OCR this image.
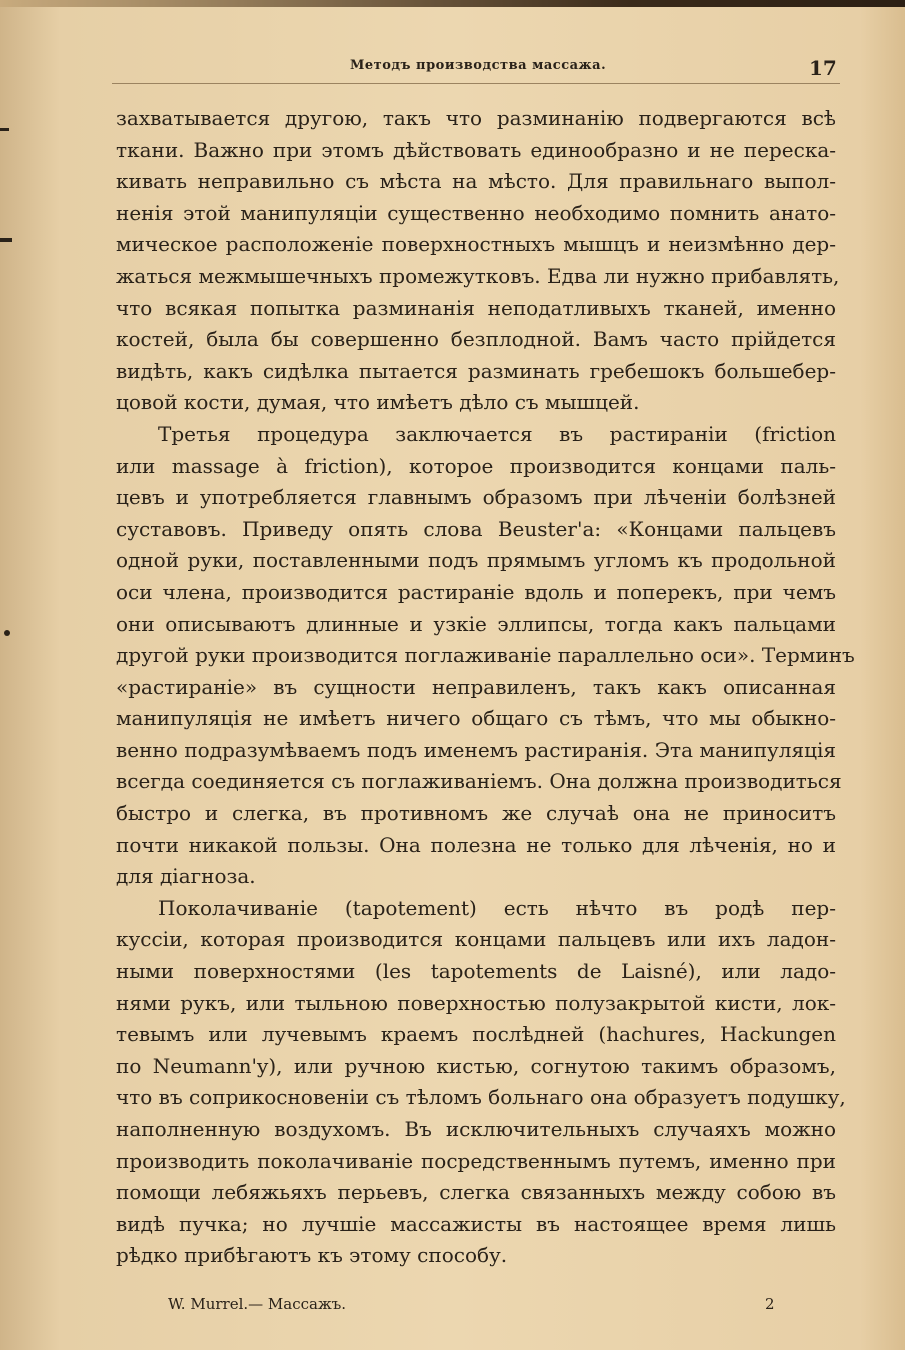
Методъ производства массажа.	17
захватывается другою, такъ что разминанію подвергаются всѣ
ткани. Важно при этомъ дѣйствовать единообразно и не переска-
кивать неправильно съ мѣста на мѣсто. Для правильнаго выпол-
ненія этой манипуляціи существенно необходимо помнить анато-
мическое расположеніе поверхностныхъ мышцъ и неизмѣнно дер-
жаться межмышечныхъ промежутковъ. Едва ли нужно прибавлять,
что всякая попытка разминанія неподатливыхъ тканей, именно
костей, была бы совершенно безплодной. Вамъ часто прійдется
видѣть, какъ сидѣлка пытается разминать гребешокъ большебер-
цовой кости, думая, что имѣетъ дѣло съ мышцей.
Третья процедура заключается въ растираніи (friction
или massage à friction), которое производится концами паль-
цевъ и употребляется главнымъ образомъ при лѣченіи болѣзней
суставовъ. Приведу опять слова Beuster'а: «Концами пальцевъ
одной руки, поставленными подъ прямымъ угломъ къ продольной
оси члена, производится растираніе вдоль и поперекъ, при чемъ
они описываютъ длинные и узкіе эллипсы, тогда какъ пальцами
другой руки производится поглаживаніе параллельно оси». Терминъ
«растираніе» въ сущности неправиленъ, такъ какъ описанная
манипуляція не имѣетъ ничего общаго съ тѣмъ, что мы обыкно-
венно подразумѣваемъ подъ именемъ растиранія. Эта манипуляція
всегда соединяется съ поглаживаніемъ. Она должна производиться
быстро и слегка, въ противномъ же случаѣ она не приноситъ
почти никакой пользы. Она полезна не только для лѣченія, но и
для діагноза.
Поколачиваніе (tapotement) есть нѣчто въ родѣ пер-
куссіи, которая производится концами пальцевъ или ихъ ладон-
ными поверхностями (les tapotements de Laisné), или ладо-
нями рукъ, или тыльною поверхностью полузакрытой кисти, лок-
тевымъ или лучевымъ краемъ послѣдней (hachures, Hackungen
по Neumann'y), или ручною кистью, согнутою такимъ образомъ,
что въ соприкосновеніи съ тѣломъ больнаго она образуетъ подушку,
наполненную воздухомъ. Въ исключительныхъ случаяхъ можно
производить поколачиваніе посредственнымъ путемъ, именно при
помощи лебяжьяхъ перьевъ, слегка связанныхъ между собою въ
видѣ пучка; но лучшіе массажисты въ настоящее время лишь
рѣдко прибѣгаютъ къ этому способу.
W. Murrel.— Массажъ.	2
